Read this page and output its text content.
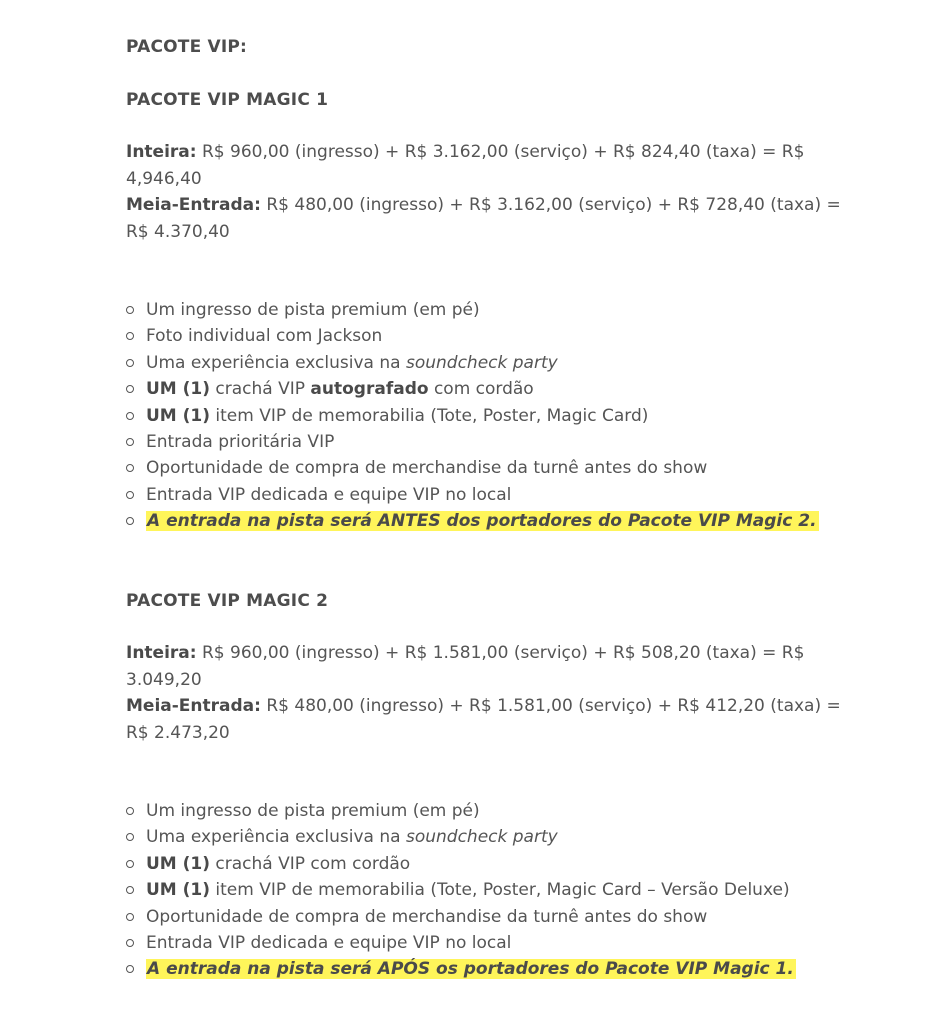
PACOTE VIP:
PACOTE VIP MAGIC 1
Inteira: R$ 960,00 (ingresso) + R$ 3.162,00 (serviço) + R$ 824,40 (taxa) = R$ 4,946,40
Meia-Entrada: R$ 480,00 (ingresso) + R$ 3.162,00 (serviço) + R$ 728,40 (taxa) = R$ 4.370,40
Um ingresso de pista premium (em pé)
Foto individual com Jackson
Uma experiência exclusiva na soundcheck party
UM (1) crachá VIP autografado com cordão
UM (1) item VIP de memorabilia (Tote, Poster, Magic Card)
Entrada prioritária VIP
Oportunidade de compra de merchandise da turnê antes do show
Entrada VIP dedicada e equipe VIP no local
A entrada na pista será ANTES dos portadores do Pacote VIP Magic 2.
PACOTE VIP MAGIC 2
Inteira: R$ 960,00 (ingresso) + R$ 1.581,00 (serviço) + R$ 508,20 (taxa) = R$ 3.049,20
Meia-Entrada: R$ 480,00 (ingresso) + R$ 1.581,00 (serviço) + R$ 412,20 (taxa) = R$ 2.473,20
Um ingresso de pista premium (em pé)
Uma experiência exclusiva na soundcheck party
UM (1) crachá VIP com cordão
UM (1) item VIP de memorabilia (Tote, Poster, Magic Card – Versão Deluxe)
Oportunidade de compra de merchandise da turnê antes do show
Entrada VIP dedicada e equipe VIP no local
A entrada na pista será APÓS os portadores do Pacote VIP Magic 1.
